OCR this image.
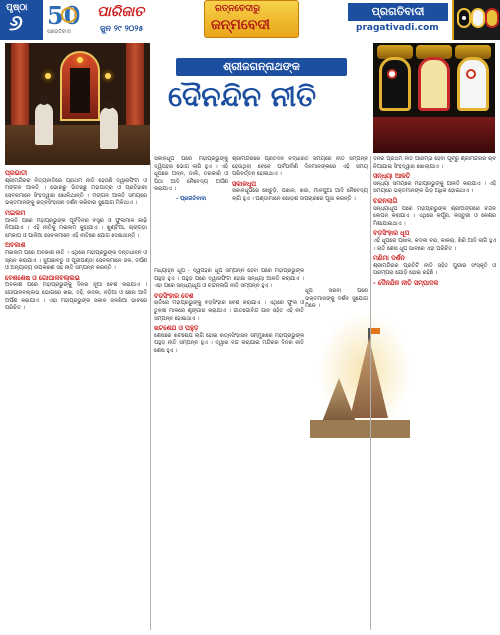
ପୃଷ୍ଠା
୬ 50
ପ୍ରଗତିବାଦୀ
ପାରିଜାତ
ଜୁନ ୨୯ ୨୦୨୫
ରତ୍ନବେଦୀରୁ
ଜନ୍ମବେଦୀ
ପ୍ରଗତିବାଦୀ
pragativadi.com
ଶ୍ରୀଜଗନ୍ନାଥଙ୍କ
ଦୈନନ୍ଦିନ ନୀତି
ପ୍ରଭାତୀ

ଶ୍ରୀମନ୍ଦିରର ନିତ୍ୟନୀତିରେ ପ୍ରଥମ ନୀତି ହେଉଛି ଦ୍ୱାରଫିଟା ଓ ମଙ୍ଗଳ ଆଳତି । ଭୋରରୁ ଭିତରଛୁ ମହାପାତ୍ର ଓ ପ୍ରତିହାରୀ ସେବକମାନେ ସିଂହଦ୍ୱାର ଖୋଲିଥାନ୍ତି । ମଙ୍ଗଳ ଆଳତି ସମୟରେ ଭକ୍ତମାନଙ୍କୁ ରତ୍ନସିଂହାସନ ଦର୍ଶନ କରିବାର ସୁଯୋଗ ମିଳିଥାଏ ।

ମଇଲମ

ଆଳତି ପରେ ମହାପ୍ରଭୁଙ୍କ ପୂର୍ବଦିନର ବସ୍ତ୍ର ଓ ଫୁଲମାଳ କାଢ଼ି ନିଆଯାଏ । ଏହି ନୀତିକୁ ମଇଲମ କୁହାଯାଏ । ଖୁଣ୍ଟିଆ, ଚାଙ୍ଗଡ଼ା ମେକାପ ଓ ପାଳିଆ ସେବକମାନେ ଏହି ନୀତିରେ ଯୋଗ ଦେଇଥାନ୍ତି ।

ଅବକାଶ

ମଇଲମ ପରେ ଅବକାଶ ନୀତି । ଏଥିରେ ମହାପ୍ରଭୁଙ୍କ ଦନ୍ତଧାବନ ଓ ସ୍ନାନ କରାଯାଏ । ସୁଆରବଡୁ ଓ ପୂଜାପଣ୍ଡା ସେବକମାନେ ଜଳ, ଦର୍ପଣ ଓ ଅନ୍ୟାନ୍ୟ ଉପକରଣ ସହ ନୀତି ସମ୍ପନ୍ନ କରନ୍ତି ।

ବେଶଶେଷ ଓ ଗୋପାଳବଲ୍ଲଭ

ଅବକାଶ ପରେ ମହାପ୍ରଭୁଙ୍କୁ ଦିନର ନୂଆ ବେଶ କରାଯାଏ । ଗୋପାଳବଲ୍ଲଭ ଭୋଗରେ ଖଇ, ଦହି, କଦଳୀ, ନଡ଼ିଆ ଓ ଛେନା ଆଦି ଅର୍ପଣ କରାଯାଏ । ଏହା ମହାପ୍ରଭୁଙ୍କ ସକାଳ ଜଳଖିଆ ଭାବରେ ପରିଚିତ ।

ସକାଳଧୂପ ପରେ ମହାପ୍ରଭୁଙ୍କୁ ଦ୍ୱିପହର ଭୋଗ ଲାଗି ହୁଏ । ଏହି ଧୂପରେ ଅନ୍ନ, ଡାଲି, ତରକାରି ଓ ପିଠା ଆଦି ନୈବେଦ୍ୟ ଅର୍ପଣ କରାଯାଏ ।

- ପ୍ରଗତିବାଦୀ

ମଧ୍ୟାହ୍ନ ଧୂପ - ଦ୍ୱିପହର ଧୂପ ସମ୍ପନ୍ନ ହେବା ପରେ ମହାପ୍ରଭୁଙ୍କ ପହୁଡ଼ ହୁଏ । ପହୁଡ଼ ପରେ ଦ୍ୱାରଫିଟା ହୋଇ ସନ୍ଧ୍ୟା ଆଳତି କରାଯାଏ । ଏହା ପରେ ସନ୍ଧ୍ୟାଧୂପ ଓ ଚନ୍ଦନଲାଗି ନୀତି ସମ୍ପନ୍ନ ହୁଏ ।

ବଡ଼ସିଂହାର ବେଶ

ରାତିରେ ମହାପ୍ରଭୁଙ୍କୁ ବଡ଼ସିଂହାର ବେଶ କରାଯାଏ । ଏଥିରେ ଫୁଲ ଓ ତୁଳସୀ ମାଳରେ ଶୃଙ୍ଗାର କରାଯାଏ । ଗୀତଗୋବିନ୍ଦ ଗାନ ସହିତ ଏହି ନୀତି ସମ୍ପନ୍ନ ହୋଇଥାଏ ।

ଖଟଶେଯ ଓ ପହୁଡ଼

ଶେଷରେ ଖଟଶେଯ ଲାଗି ହୋଇ ରତ୍ନସିଂହାସନ ସମ୍ମୁଖରେ ମହାପ୍ରଭୁଙ୍କ ପହୁଡ଼ ନୀତି ସମ୍ପନ୍ନ ହୁଏ । ଦ୍ୱାର ବନ୍ଦ କରାଯାଇ ମନ୍ଦିରର ଦିନର ନୀତି ଶେଷ ହୁଏ ।

ଶ୍ରୀମନ୍ଦିରରେ ପ୍ରତିଦିନ ନିର୍ଦ୍ଧାରିତ ସମୟରେ ନୀତି ସମ୍ପନ୍ନ ହେଉଥିବା ବେଳେ ପର୍ବପର୍ବାଣି ଦିନମାନଙ୍କରେ ଏହି ସମୟ ପରିବର୍ତ୍ତନ ହୋଇଥାଏ ।

ସକାଳଧୂପ

ସକାଳଧୂପରେ ଖେଚୁଡ଼ି, ପଖାଳ, ଖଜା, ମାଳପୁଆ ଆଦି ନୈବେଦ୍ୟ ଲାଗି ହୁଏ । ପଣ୍ଡାମାନେ ଷୋଡ଼ଶ ଉପଚାରରେ ପୂଜା କରନ୍ତି ।

ଧୂପ ସରିବା ପରେ ଭକ୍ତମାନଙ୍କୁ ଦର୍ଶନ ସୁଯୋଗ ମିଳେ ।

ଦିନର ପ୍ରଥମ ନୀତି ଆରମ୍ଭ ହେବା ପୂର୍ବରୁ ଶ୍ରୀମନ୍ଦିରର ଚାବି ନିଆଯାଇ ସିଂହଦ୍ୱାର ଖୋଲାଯାଏ ।

ସନ୍ଧ୍ୟା ଆଳତି

ସନ୍ଧ୍ୟା ସମୟରେ ମହାପ୍ରଭୁଙ୍କୁ ଆଳତି କରାଯାଏ । ଏହି ସମୟରେ ଭକ୍ତମାନଙ୍କ ଭିଡ଼ ଅଧିକ ହୋଇଥାଏ ।

ଚନ୍ଦନଲାଗି

ସନ୍ଧ୍ୟାଧୂପ ପରେ ମହାପ୍ରଭୁଙ୍କ ଶ୍ରୀଅଙ୍ଗରେ ଚନ୍ଦନ ଲେପନ କରାଯାଏ । ଏଥିରେ କର୍ପୂର, କସ୍ତୁରୀ ଓ କେଶର ମିଶାଯାଇଥାଏ ।

ବଡ଼ସିଂହାର ଧୂପ

ଏହି ଧୂପରେ ପଖାଳ, କଦଳୀ ବରା, କାକରା, ଖିରି ଆଦି ଲାଗି ହୁଏ । ରାତି ଶେଷ ଧୂପ ଭାବରେ ଏହା ପରିଚିତ ।

ମଣିମା ଦର୍ଶନ

ଶ୍ରୀମନ୍ଦିରର ପ୍ରତିଟି ନୀତି ସହିତ ପୁରୀର ସଂସ୍କୃତି ଓ ପରମ୍ପରା ଯୋଡ଼ି ହୋଇ ରହିଛି ।

- ଦୈନନ୍ଦିନ ନୀତି ସମ୍ପାଦକ
